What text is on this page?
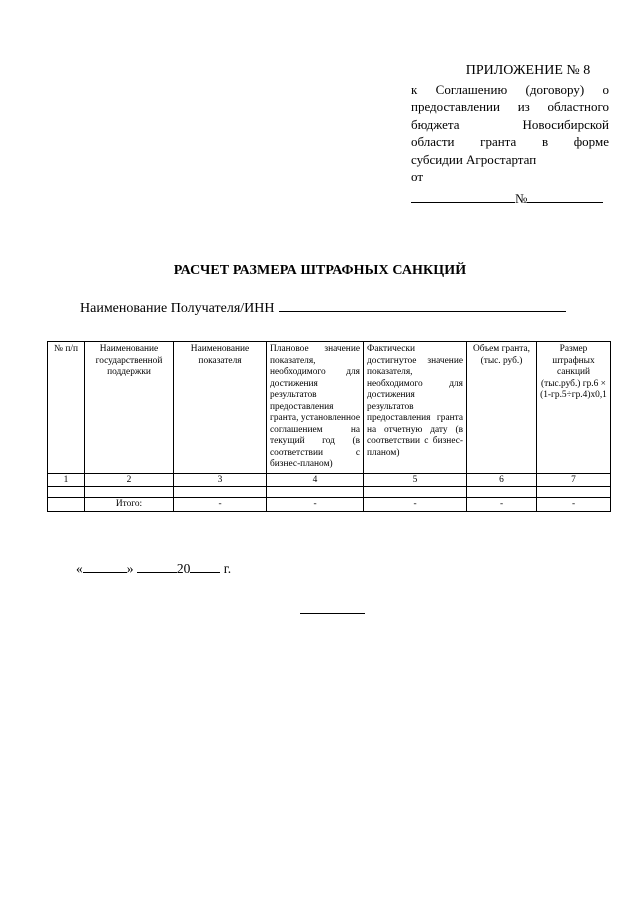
ПРИЛОЖЕНИЕ № 8
к Соглашению (договору) о
предоставлении из областного
бюджета Новосибирской
области гранта в форме
субсидии Агростартап
от
№
РАСЧЕТ РАЗМЕРА ШТРАФНЫХ САНКЦИЙ
Наименование Получателя/ИНН
№ п/п	Наименование государственной поддержки	Наименование показателя	Плановое значение показателя, необходимого для достижения результатов предоставления гранта, установленное соглашением на текущий год (в соответствии с бизнес-планом)	Фактически достигнутое значение показателя, необходимого для достижения результатов предоставления гранта на отчетную дату (в соответствии с бизнес-планом)	Объем гранта, (тыс. руб.)	Размер штрафных санкций (тыс.руб.) гр.6 × (1-гр.5÷гр.4)x0,1
1	2	3	4	5	6	7

	Итого:	-	-	-	-	-
«	»	20 г.
